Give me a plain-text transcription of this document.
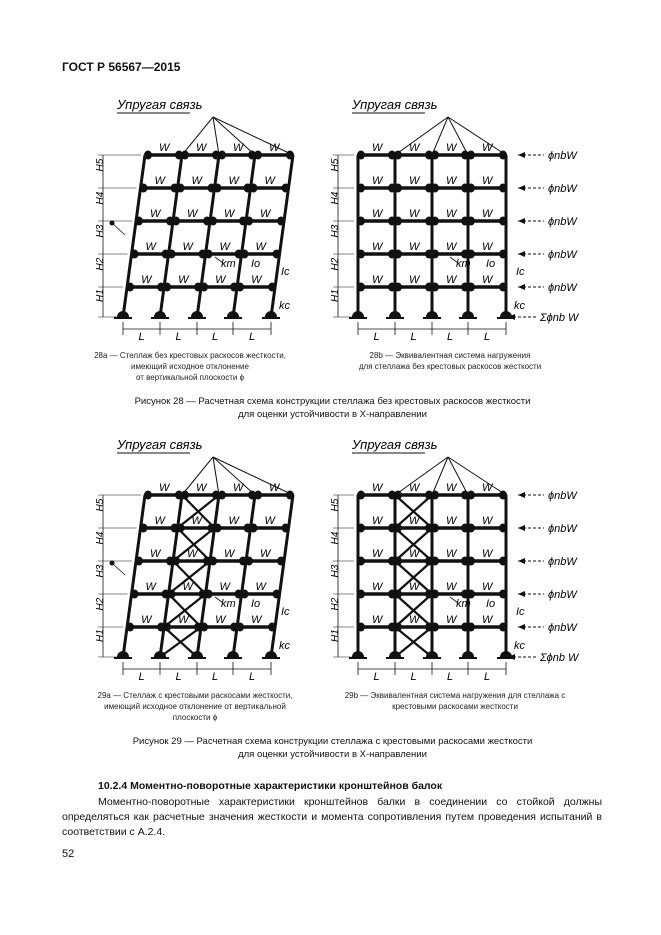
ГОСТ Р 56567—2015
Упругая связь
W W W W
W W W W
W W W W
W W W W
W W W W
L	L	L	L
H1
H2
H3
H4
H5
km Io
Ic
kc
Упругая связь
W W W W
W W W W
W W W W
W W W W
W W W W
L	L	L	L
H1
H2
H3
H4
H5
km Io
Ic
kc
ϕnbW
ϕnbW
ϕnbW
ϕnbW
ϕnbW
Σϕnb W
28a — Стеллаж без крестовых раскосов жесткости,
имеющий исходное отклонение
от вертикальной плоскости ϕ
28b — Эквивалентная система нагружения
для стеллажа без крестовых раскосов жесткости
Рисунок 28 — Расчетная схема конструкции стеллажа без крестовых раскосов жесткости
для оценки устойчивости в X-направлении
Упругая связь
W W W W
W W W W
W W W W
W W W W
W W W W
L	L	L	L
H1
H2
H3
H4
H5
km Io
Ic
kc
Упругая связь
W W W W
W W W W
W W W W
W W W W
W W W W
L	L	L	L
H1
H2
H3
H4
H5
km Io
Ic
kc
ϕnbW
ϕnbW
ϕnbW
ϕnbW
ϕnbW
Σϕnb W
29a — Стеллаж с крестовыми раскосами жесткости,
имеющий исходное отклонение от вертикальной
плоскости ϕ
29b — Эквивалентная система нагружения для стеллажа с
крестовыми раскосами жесткости
Рисунок 29 — Расчетная схема конструкции стеллажа с крестовыми раскосами жесткости
для оценки устойчивости в X-направлении
10.2.4 Моментно-поворотные характеристики кронштейнов балок
Моментно-поворотные характеристики кронштейнов балки в соединении со стойкой должны определяться как расчетные значения жесткости и момента сопротивления путем проведения испытаний в соответствии с А.2.4.
52
